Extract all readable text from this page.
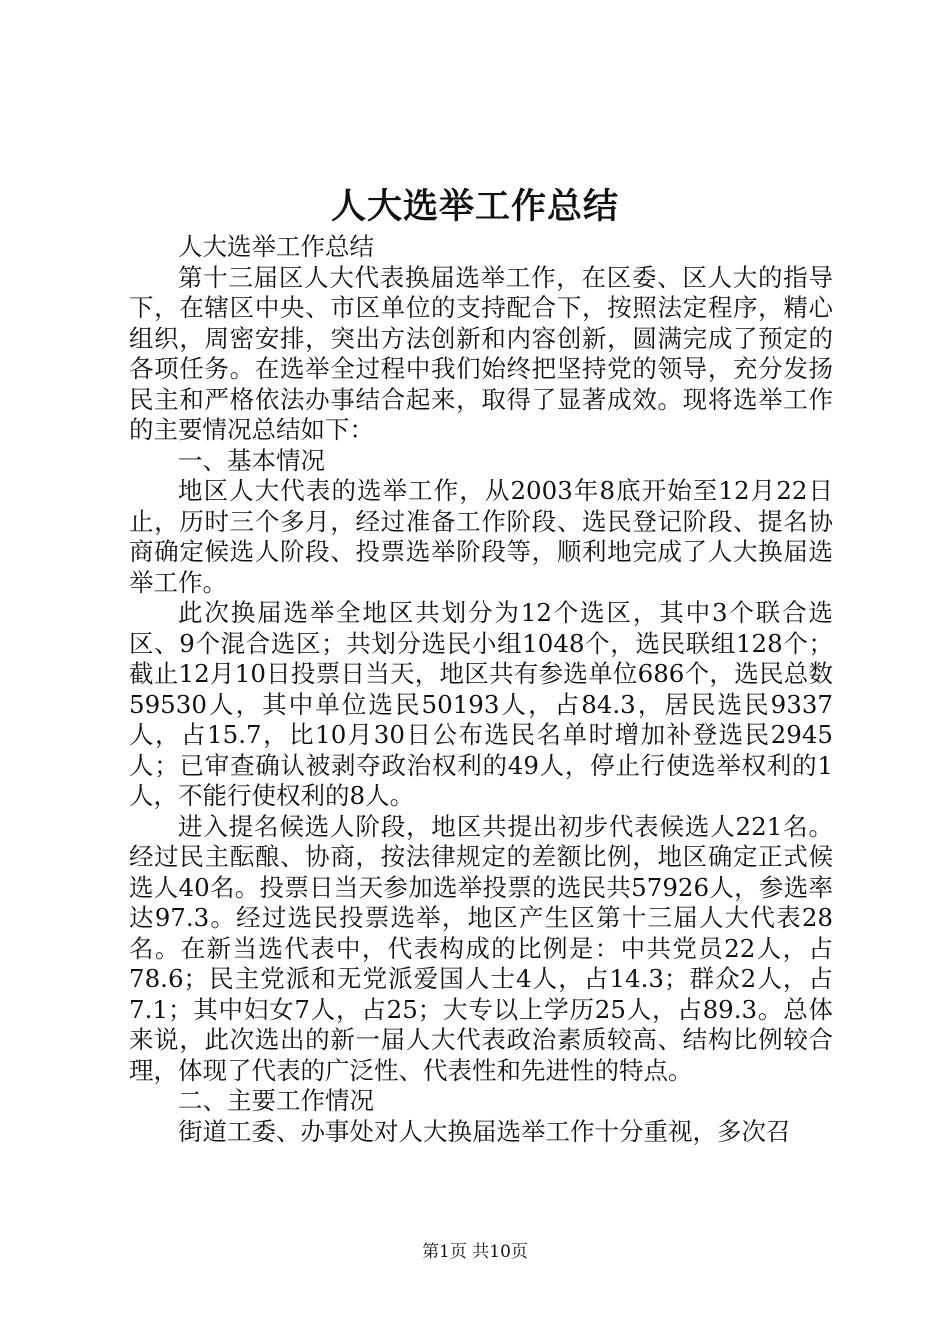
人大选举工作总结

人大选举工作总结

第十三届区人大代表换届选举工作，在区委、区人大的指导下，在辖区中央、市区单位的支持配合下，按照法定程序，精心组织，周密安排，突出方法创新和内容创新，圆满完成了预定的各项任务。在选举全过程中我们始终把坚持党的领导，充分发扬民主和严格依法办事结合起来，取得了显著成效。现将选举工作的主要情况总结如下：

一、基本情况

地区人大代表的选举工作，从2003年8底开始至12月22日止，历时三个多月，经过准备工作阶段、选民登记阶段、提名协商确定候选人阶段、投票选举阶段等，顺利地完成了人大换届选举工作。

此次换届选举全地区共划分为12个选区，其中3个联合选区、9个混合选区；共划分选民小组1048个，选民联组128个；截止12月10日投票日当天，地区共有参选单位686个，选民总数59530人，其中单位选民50193人，占84.3，居民选民9337人，占15.7，比10月30日公布选民名单时增加补登选民2945人；已审查确认被剥夺政治权利的49人，停止行使选举权利的1人，不能行使权利的8人。

进入提名候选人阶段，地区共提出初步代表候选人221名。经过民主酝酿、协商，按法律规定的差额比例，地区确定正式候选人40名。投票日当天参加选举投票的选民共57926人，参选率达97.3。经过选民投票选举，地区产生区第十三届人大代表28名。在新当选代表中，代表构成的比例是：中共党员22人，占78.6；民主党派和无党派爱国人士4人，占14.3；群众2人，占7.1；其中妇女7人，占25；大专以上学历25人，占89.3。总体来说，此次选出的新一届人大代表政治素质较高、结构比例较合理，体现了代表的广泛性、代表性和先进性的特点。

二、主要工作情况

街道工委、办事处对人大换届选举工作十分重视，多次召

第1页 共10页
